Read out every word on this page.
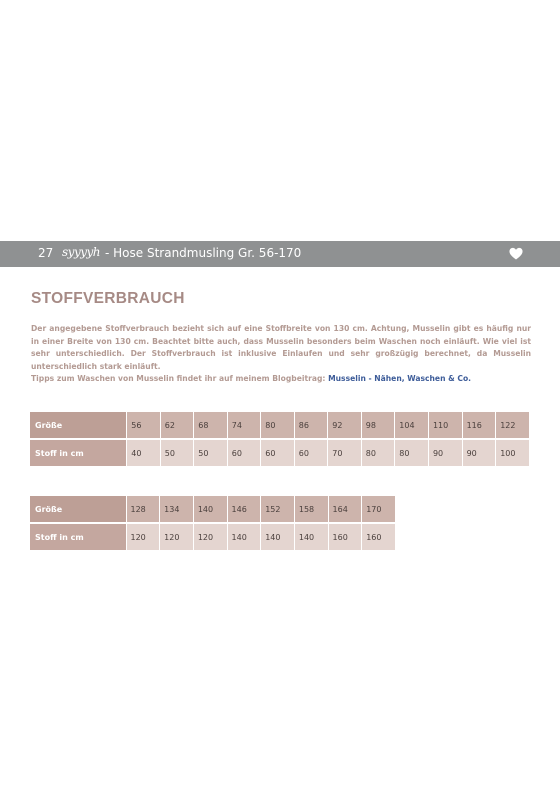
27 syyyyh - Hose Strandmusling Gr. 56-170
STOFFVERBRAUCH

Der angegebene Stoffverbrauch bezieht sich auf eine Stoffbreite von 130 cm. Achtung, Musselin gibt es häufig nur in einer Breite von 130 cm. Beachtet bitte auch, dass Musselin besonders beim Waschen noch einläuft. Wie viel ist sehr unterschiedlich. Der Stoffverbrauch ist inklusive Einlaufen und sehr großzügig berechnet, da Musselin unterschiedlich stark einläuft.

Tipps zum Waschen von Musselin findet ihr auf meinem Blogbeitrag: Musselin - Nähen, Waschen & Co.

Größe	56	62	68	74	80	86	92	98	104	110	116	122
Stoff in cm	40	50	50	60	60	60	70	80	80	90	90	100
Größe	128	134	140	146	152	158	164	170
Stoff in cm	120	120	120	140	140	140	160	160
